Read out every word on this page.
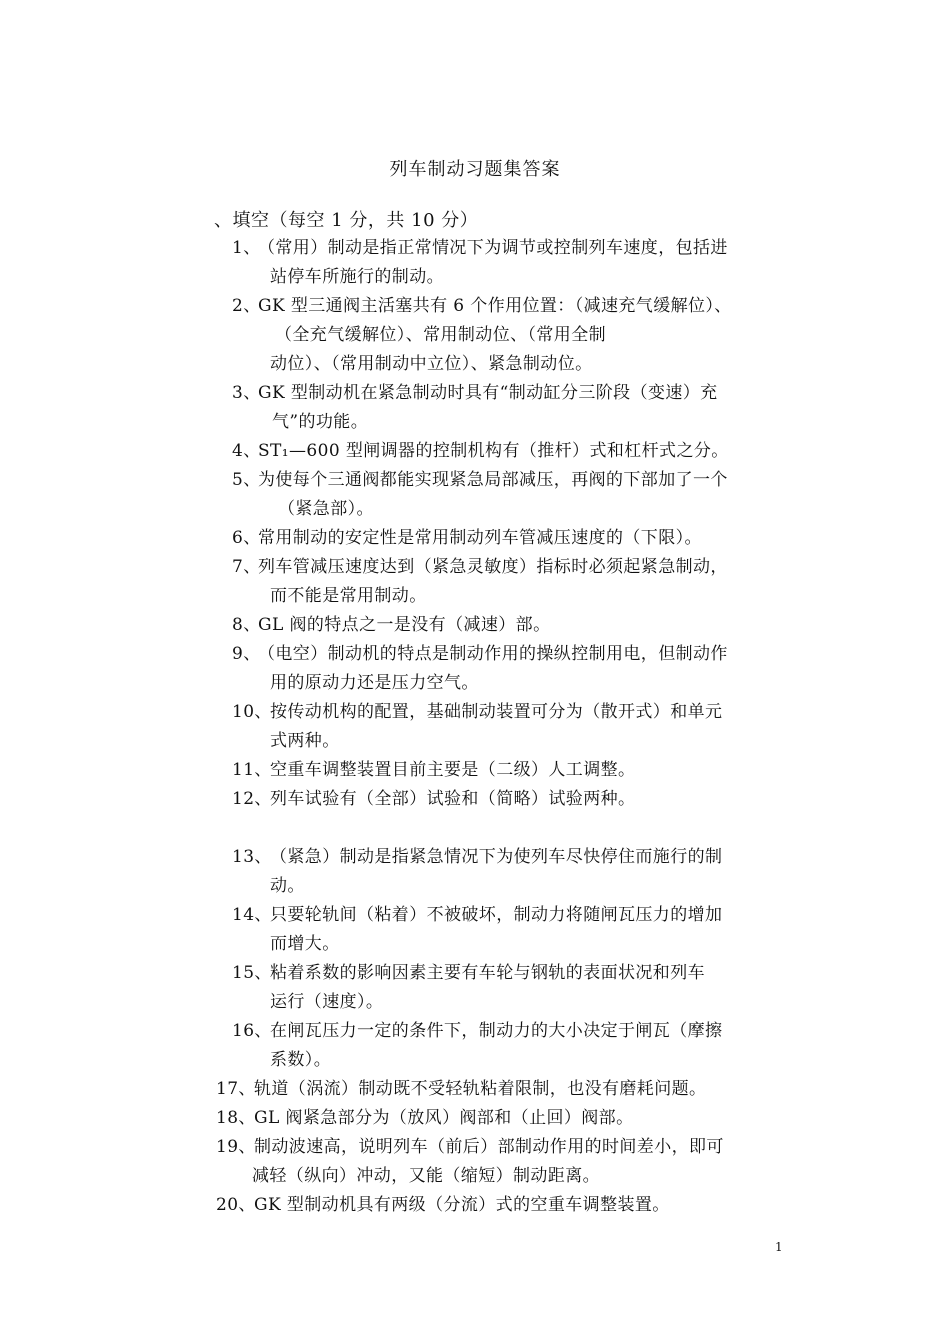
列车制动习题集答案
、填空（每空 1 分，共 10 分）
1、
（常用）制动是指正常情况下为调节或控制列车速度，包括进
站停车所施行的制动。
2、
GK 型三通阀主活塞共有 6 个作用位置：（减速充气缓解位）、
（全充气缓解位）、常用制动位、（常用全制
动位）、（常用制动中立位）、紧急制动位。
3、
GK 型制动机在紧急制动时具有“制动缸分三阶段（变速）充
气”的功能。
4、
ST₁—600 型闸调器的控制机构有（推杆）式和杠杆式之分。
5、
为使每个三通阀都能实现紧急局部减压，再阀的下部加了一个
（紧急部）。
6、
常用制动的安定性是常用制动列车管减压速度的（下限）。
7、
列车管减压速度达到（紧急灵敏度）指标时必须起紧急制动，
而不能是常用制动。
8、
GL 阀的特点之一是没有（减速）部。
9、
（电空）制动机的特点是制动作用的操纵控制用电，但制动作
用的原动力还是压力空气。
10、
按传动机构的配置，基础制动装置可分为（散开式）和单元
式两种。
11、
空重车调整装置目前主要是（二级）人工调整。
12、
列车试验有（全部）试验和（简略）试验两种。
13、
（紧急）制动是指紧急情况下为使列车尽快停住而施行的制
动。
14、
只要轮轨间（粘着）不被破坏，制动力将随闸瓦压力的增加
而增大。
15、
粘着系数的影响因素主要有车轮与钢轨的表面状况和列车
运行（速度）。
16、
在闸瓦压力一定的条件下，制动力的大小决定于闸瓦（摩擦
系数）。
17、
轨道（涡流）制动既不受轻轨粘着限制，也没有磨耗问题。
18、
GL 阀紧急部分为（放风）阀部和（止回）阀部。
19、
制动波速高，说明列车（前后）部制动作用的时间差小，即可
减轻（纵向）冲动，又能（缩短）制动距离。
20、
GK 型制动机具有两级（分流）式的空重车调整装置。
1
